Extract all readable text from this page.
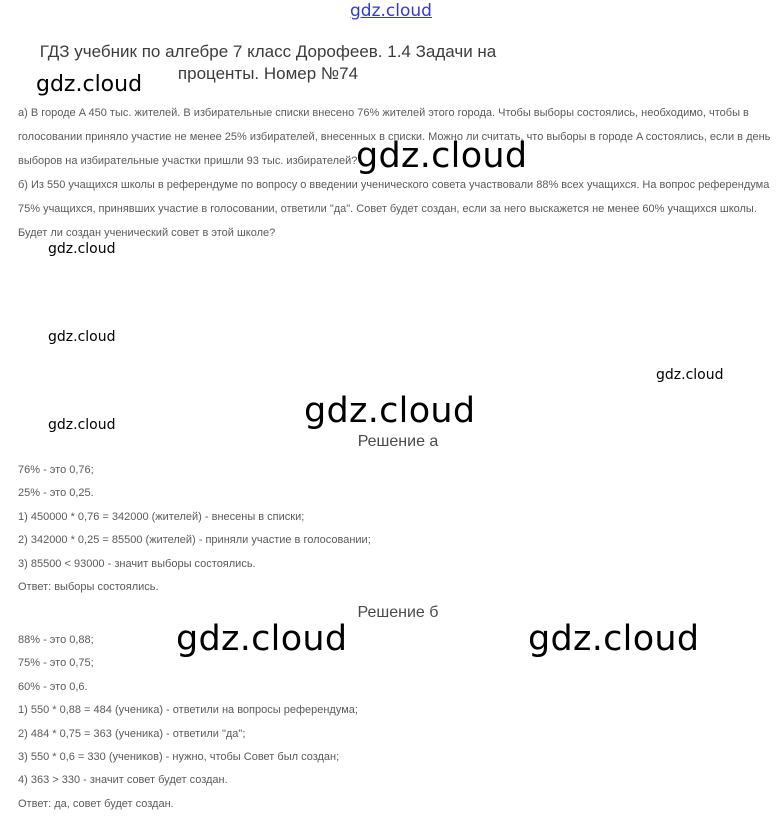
gdz.cloud
ГДЗ учебник по алгебре 7 класс Дорофеев. 1.4 Задачи на
проценты. Номер №74

а) В городе A 450 тыс. жителей. В избирательные списки внесено 76% жителей этого города. Чтобы выборы состоялись, необходимо, чтобы в голосовании приняло участие не менее 25% избирателей, внесенных в списки. Можно ли считать, что выборы в городе A состоялись, если в день выборов на избирательные участки пришли 93 тыс. избирателей?

б) Из 550 учащихся школы в референдуме по вопросу о введении ученического совета участвовали 88% всех учащихся. На вопрос референдума 75% учащихся, принявших участие в голосовании, ответили "да". Совет будет создан, если за него выскажется не менее 60% учащихся школы. Будет ли создан ученический совет в этой школе?

Решение а
76% - это 0,76;
25% - это 0,25.
1) 450000 * 0,76 = 342000 (жителей) - внесены в списки;
2) 342000 * 0,25 = 85500 (жителей) - приняли участие в голосовании;
3) 85500 < 93000 - значит выборы состоялись.
Ответ: выборы состоялись.
Решение б
88% - это 0,88;
75% - это 0,75;
60% - это 0,6.
1) 550 * 0,88 = 484 (ученика) - ответили на вопросы референдума;
2) 484 * 0,75 = 363 (ученика) - ответили "да";
3) 550 * 0,6 = 330 (учеников) - нужно, чтобы Совет был создан;
4) 363 > 330 - значит совет будет создан.
Ответ: да, совет будет создан.
gdz.cloud
gdz.cloud
gdz.cloud
gdz.cloud
gdz.cloud
gdz.cloud
gdz.cloud
gdz.cloud	gdz.cloud
